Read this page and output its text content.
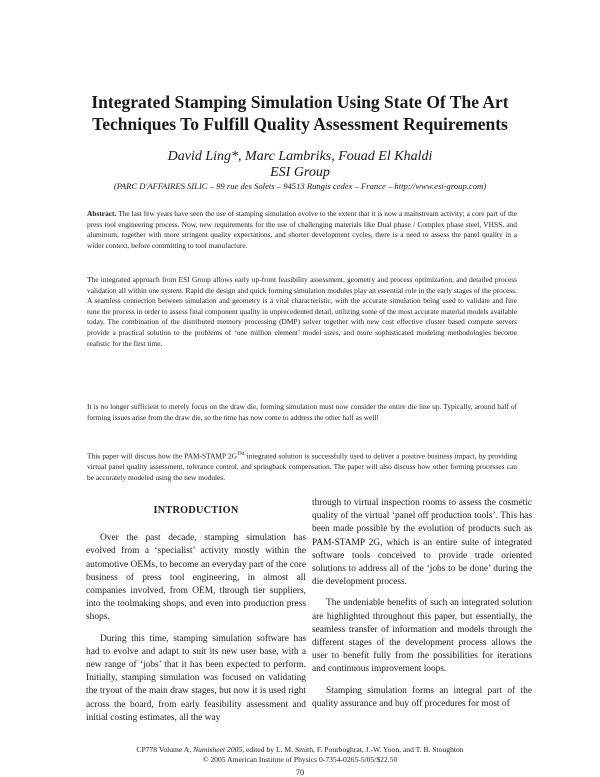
Integrated Stamping Simulation Using State Of The Art
Techniques To Fulfill Quality Assessment Requirements
David Ling*, Marc Lambriks, Fouad El Khaldi
ESI Group
(PARC D'AFFAIRES SILIC – 99 rue des Solets – 94513 Rungis cedex – France – http://www.esi-group.com)

Abstract. The last few years have seen the use of stamping simulation evolve to the extent that it is now a mainstream activity; a core part of the press tool engineering process. Now, new requirements for the use of challenging materials like Dual phase / Complex phase steel, VHSS, and aluminum, together with more stringent quality expectations, and shorter development cycles, there is a need to assess the panel quality in a wider context, before committing to tool manufacture.

The integrated approach from ESI Group allows early up-front feasibility assessment, geometry and process optimization, and detailed process validation all within one system. Rapid die design and quick forming simulation modules play an essential role in the early stages of the process. A seamless connection between simulation and geometry is a vital characteristic, with the accurate simulation being used to validate and fine tune the process in order to assess final component quality in unprecedented detail, utilizing some of the most accurate material models available today. The combination of the distributed memory processing (DMP) solver together with new cost effective cluster based compute servers provide a practical solution to the problems of ‘one million element’ model sizes, and more sophisticated modeling methodologies become realistic for the first time.

It is no longer sufficient to merely focus on the draw die, forming simulation must now consider the entire die line up. Typically, around half of forming issues arise from the draw die, so the time has now come to address the other half as well!

This paper will discuss how the PAM-STAMP 2G™ integrated solution is successfully used to deliver a positive business impact, by providing virtual panel quality assessment, tolerance control, and springback compensation. The paper will also discuss how other forming processes can be accurately modeled using the new modules.

INTRODUCTION

Over the past decade, stamping simulation has evolved from a ‘specialist’ activity mostly within the automotive OEMs, to become an everyday part of the core business of press tool engineering, in almost all companies involved, from OEM, through tier suppliers, into the toolmaking shops, and even into production press shops.

During this time, stamping simulation software has had to evolve and adapt to suit its new user base, with a new range of ‘jobs’ that it has been expected to perform. Initially, stamping simulation was focused on validating the tryout of the main draw stages, but now it is used right across the board, from early feasibility assessment and initial costing estimates, all the way

through to virtual inspection rooms to assess the cosmetic quality of the virtual ‘panel off production tools’. This has been made possible by the evolution of products such as PAM-STAMP 2G, which is an entire suite of integrated software tools conceived to provide trade oriented solutions to address all of the ‘jobs to be done’ during the die development process.

The undeniable benefits of such an integrated solution are highlighted throughout this paper, but essentially, the seamless transfer of information and models through the different stages of the development process allows the user to benefit fully from the possibilities for iterations and continuous improvement loops.

Stamping simulation forms an integral part of the quality assurance and buy off procedures for most of

CP778 Volume A, Numisheet 2005, edited by L. M. Smith, F. Pourboghrat, J.-W. Yoon, and T. B. Stoughton
© 2005 American Institute of Physics 0-7354-0265-5/05/$22.50
70
